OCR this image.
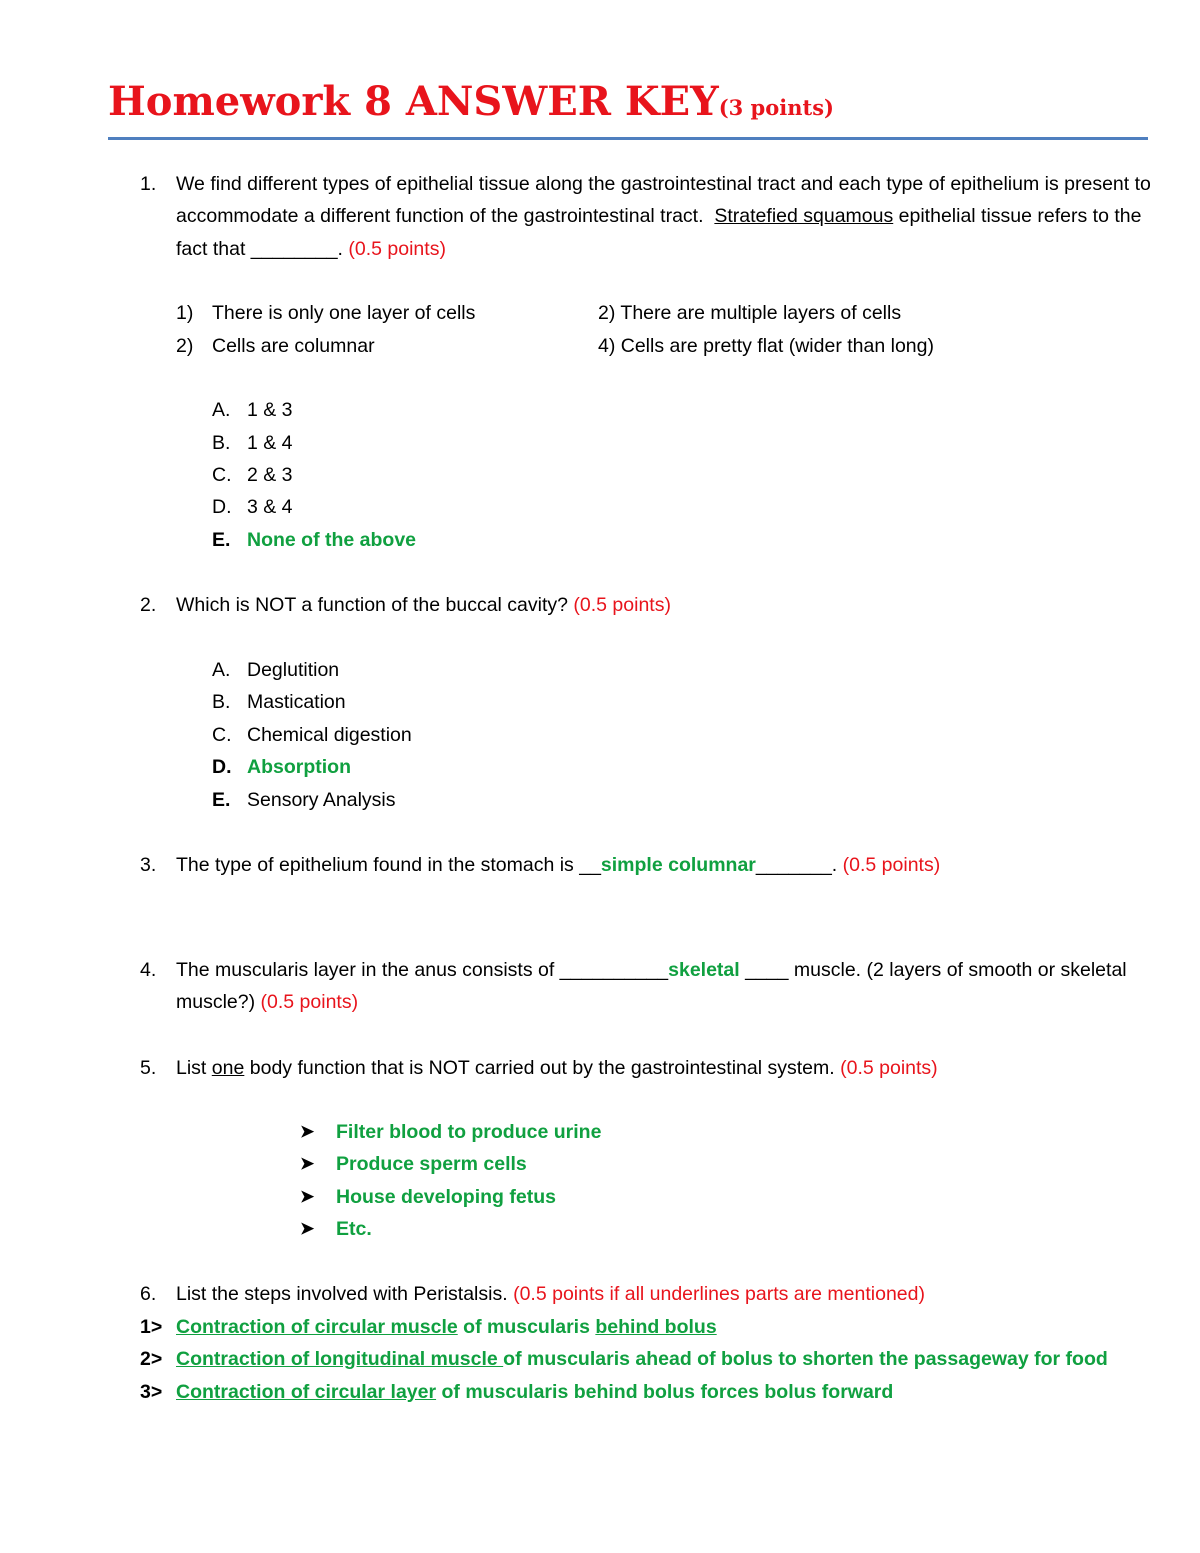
Homework 8 ANSWER KEY(3 points)
1. We find different types of epithelial tissue along the gastrointestinal tract and each type of epithelium is present to
accommodate a different function of the gastrointestinal tract. Stratefied squamous epithelial tissue refers to the
fact that ________. (0.5 points)
1) There is only one layer of cells
2) Cells are columnar
2) There are multiple layers of cells
4) Cells are pretty flat (wider than long)
A. 1 & 3
B. 1 & 4
C. 2 & 3
D. 3 & 4
E. None of the above
2. Which is NOT a function of the buccal cavity? (0.5 points)
A. Deglutition
B. Mastication
C. Chemical digestion
D. Absorption
E. Sensory Analysis
3. The type of epithelium found in the stomach is __simple columnar_______. (0.5 points)
4. The muscularis layer in the anus consists of __________skeletal ____ muscle. (2 layers of smooth or skeletal
muscle?) (0.5 points)
5. List one body function that is NOT carried out by the gastrointestinal system. (0.5 points)
➤ Filter blood to produce urine
➤ Produce sperm cells
➤ House developing fetus
➤ Etc.
6. List the steps involved with Peristalsis. (0.5 points if all underlines parts are mentioned)
1> Contraction of circular muscle of muscularis behind bolus
2> Contraction of longitudinal muscle of muscularis ahead of bolus to shorten the passageway for food
3> Contraction of circular layer of muscularis behind bolus forces bolus forward
